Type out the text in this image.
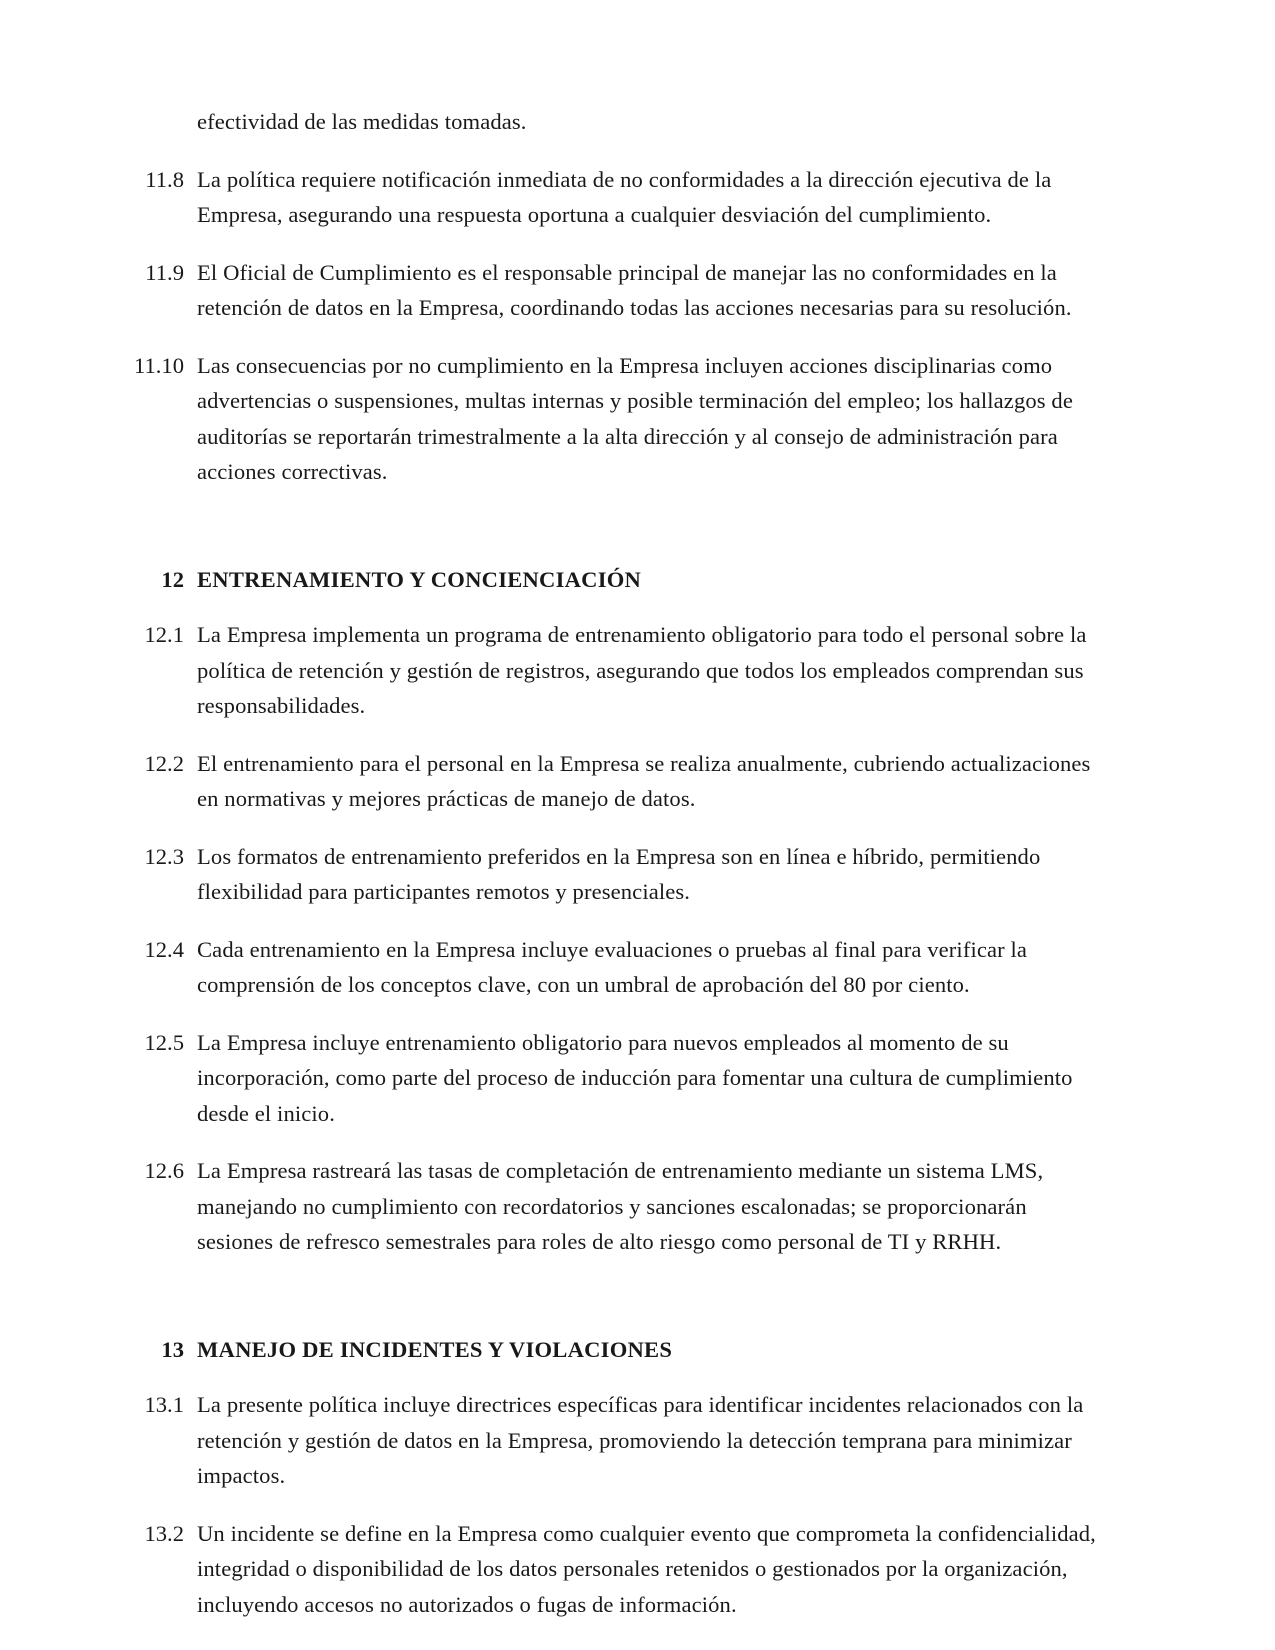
efectividad de las medidas tomadas.

11.8 La política requiere notificación inmediata de no conformidades a la dirección ejecutiva de la Empresa, asegurando una respuesta oportuna a cualquier desviación del cumplimiento.
11.9 El Oficial de Cumplimiento es el responsable principal de manejar las no conformidades en la retención de datos en la Empresa, coordinando todas las acciones necesarias para su resolución.
11.10 Las consecuencias por no cumplimiento en la Empresa incluyen acciones disciplinarias como advertencias o suspensiones, multas internas y posible terminación del empleo; los hallazgos de auditorías se reportarán trimestralmente a la alta dirección y al consejo de administración para acciones correctivas.
12 ENTRENAMIENTO Y CONCIENCIACIÓN
12.1 La Empresa implementa un programa de entrenamiento obligatorio para todo el personal sobre la política de retención y gestión de registros, asegurando que todos los empleados comprendan sus responsabilidades.
12.2 El entrenamiento para el personal en la Empresa se realiza anualmente, cubriendo actualizaciones en normativas y mejores prácticas de manejo de datos.
12.3 Los formatos de entrenamiento preferidos en la Empresa son en línea e híbrido, permitiendo flexibilidad para participantes remotos y presenciales.
12.4 Cada entrenamiento en la Empresa incluye evaluaciones o pruebas al final para verificar la comprensión de los conceptos clave, con un umbral de aprobación del 80 por ciento.
12.5 La Empresa incluye entrenamiento obligatorio para nuevos empleados al momento de su incorporación, como parte del proceso de inducción para fomentar una cultura de cumplimiento desde el inicio.
12.6 La Empresa rastreará las tasas de completación de entrenamiento mediante un sistema LMS, manejando no cumplimiento con recordatorios y sanciones escalonadas; se proporcionarán sesiones de refresco semestrales para roles de alto riesgo como personal de TI y RRHH.
13 MANEJO DE INCIDENTES Y VIOLACIONES
13.1 La presente política incluye directrices específicas para identificar incidentes relacionados con la retención y gestión de datos en la Empresa, promoviendo la detección temprana para minimizar impactos.
13.2 Un incidente se define en la Empresa como cualquier evento que comprometa la confidencialidad, integridad o disponibilidad de los datos personales retenidos o gestionados por la organización, incluyendo accesos no autorizados o fugas de información.
